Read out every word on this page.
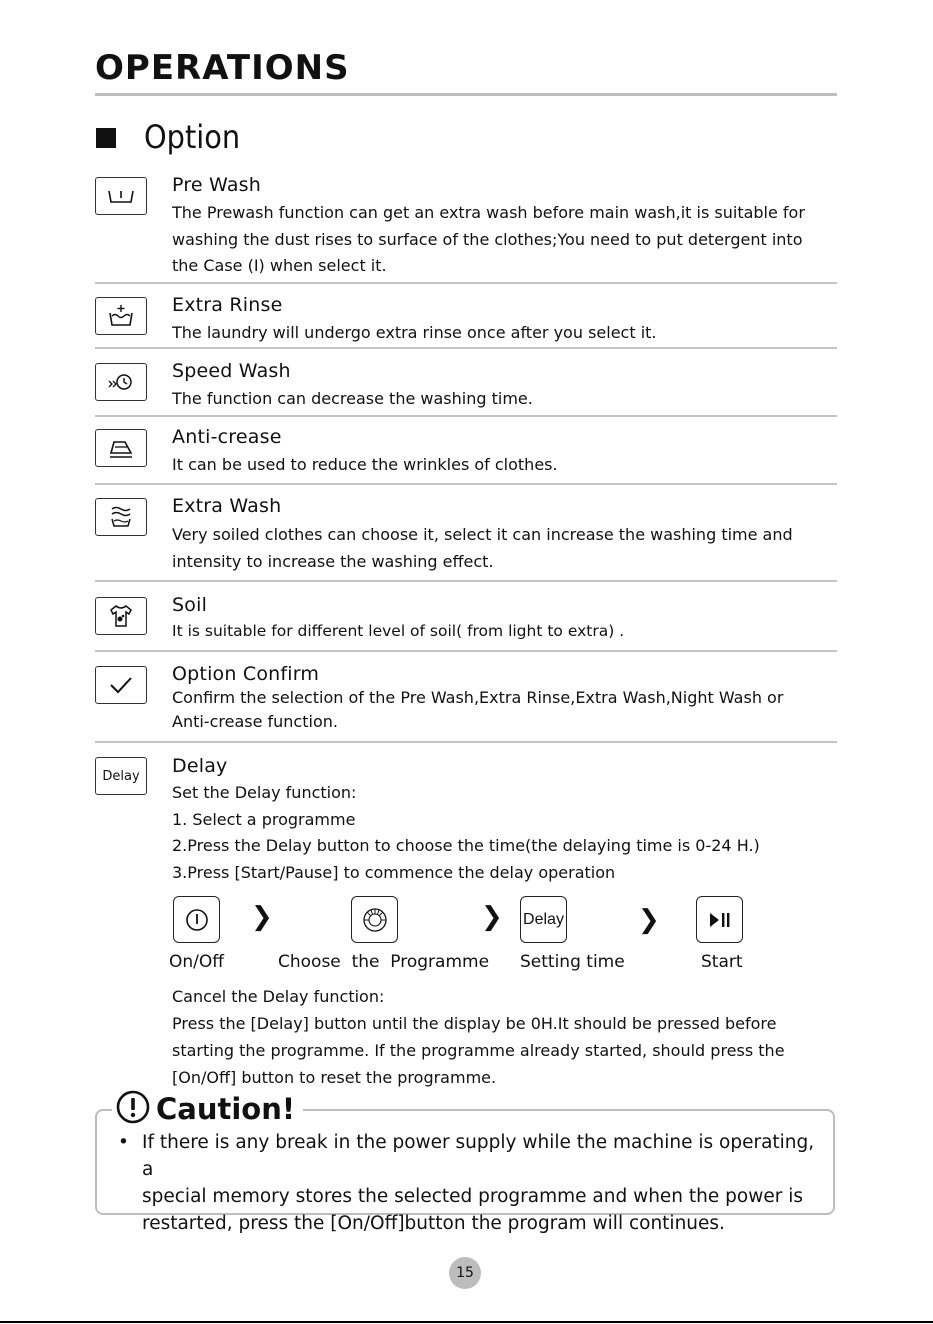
OPERATIONS
Option
Pre Wash
The Prewash function can get an extra wash before main wash,it is suitable for
washing the dust rises to surface of the clothes;You need to put detergent into
the Case (I) when select it.
Extra Rinse
The laundry will undergo extra rinse once after you select it.
Speed Wash
The function can decrease the washing time.
Anti-crease
It can be used to reduce the wrinkles of clothes.
Extra Wash
Very soiled clothes can choose it, select it can increase the washing time and
intensity to increase the washing effect.
Soil
It is suitable for different level of soil( from light to extra) .
Option Confirm
Confirm the selection of the Pre Wash,Extra Rinse,Extra Wash,Night Wash or
Anti-crease function.
Delay	Delay
Set the Delay function:
1. Select a programme
2.Press the Delay button to choose the time(the delaying time is 0-24 H.)
3.Press [Start/Pause] to commence the delay operation
❯	❯ Delay	❯
On/Off	Choose  the  Programme Setting time	Start
Cancel the Delay function:
Press the [Delay] button until the display be 0H.It should be pressed before
starting the programme. If the programme already started, should press the
[On/Off] button to reset the programme.
Caution!
• If there is any break in the power supply while the machine is operating, a
special memory stores the selected programme and when the power is
restarted, press the [On/Off]button the program will continues.
15
